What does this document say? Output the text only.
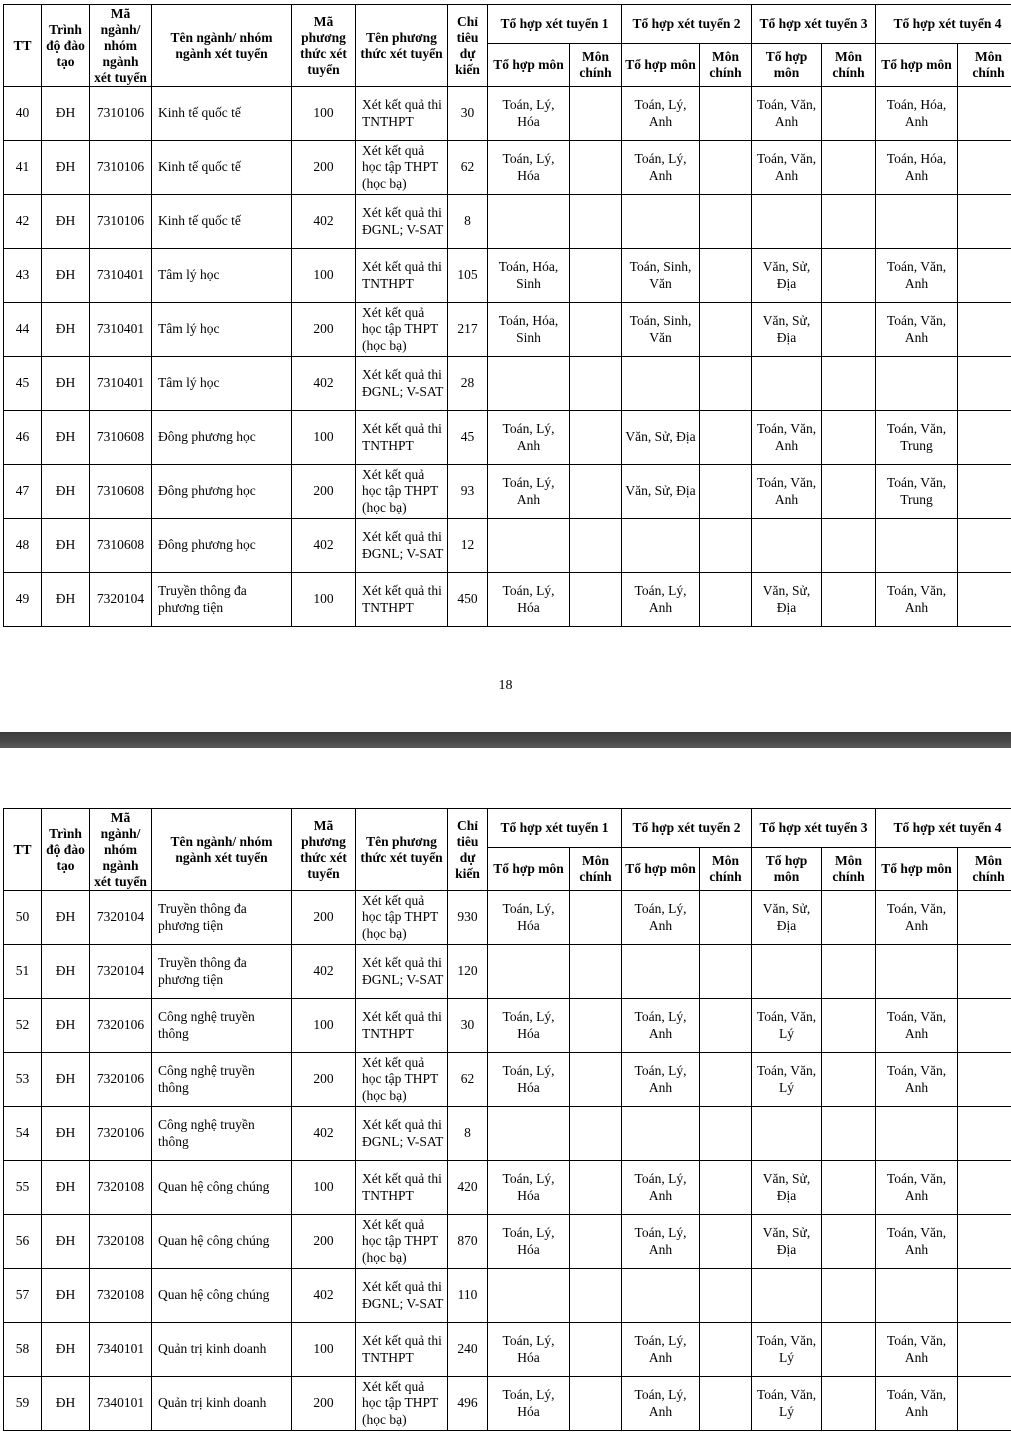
TT	Trình độ đào tạo	Mã ngành/ nhóm ngành xét tuyển	Tên ngành/ nhóm ngành xét tuyển	Mã phương thức xét tuyển	Tên phương thức xét tuyển	Chỉ tiêu dự kiến	Tổ hợp xét tuyển 1		Tổ hợp xét tuyển 2		Tổ hợp xét tuyển 3		Tổ hợp xét tuyển 4	
							Tổ hợp môn	Môn chính	Tổ hợp môn	Môn chính	Tổ hợp môn	Môn chính	Tổ hợp môn	Môn chính
40	ĐH	7310106	Kinh tế quốc tế	100	Xét kết quả thi TNTHPT	30	Toán, Lý, Hóa		Toán, Lý, Anh		Toán, Văn, Anh		Toán, Hóa, Anh	
41	ĐH	7310106	Kinh tế quốc tế	200	Xét kết quả học tập THPT (học bạ)	62	Toán, Lý, Hóa		Toán, Lý, Anh		Toán, Văn, Anh		Toán, Hóa, Anh	
42	ĐH	7310106	Kinh tế quốc tế	402	Xét kết quả thi ĐGNL; V-SAT	8								
43	ĐH	7310401	Tâm lý học	100	Xét kết quả thi TNTHPT	105	Toán, Hóa, Sinh		Toán, Sinh, Văn		Văn, Sử, Địa		Toán, Văn, Anh	
44	ĐH	7310401	Tâm lý học	200	Xét kết quả học tập THPT (học bạ)	217	Toán, Hóa, Sinh		Toán, Sinh, Văn		Văn, Sử, Địa		Toán, Văn, Anh	
45	ĐH	7310401	Tâm lý học	402	Xét kết quả thi ĐGNL; V-SAT	28								
46	ĐH	7310608	Đông phương học	100	Xét kết quả thi TNTHPT	45	Toán, Lý, Anh		Văn, Sử, Địa		Toán, Văn, Anh		Toán, Văn, Trung	
47	ĐH	7310608	Đông phương học	200	Xét kết quả học tập THPT (học bạ)	93	Toán, Lý, Anh		Văn, Sử, Địa		Toán, Văn, Anh		Toán, Văn, Trung	
48	ĐH	7310608	Đông phương học	402	Xét kết quả thi ĐGNL; V-SAT	12								
49	ĐH	7320104	Truyền thông đa phương tiện	100	Xét kết quả thi TNTHPT	450	Toán, Lý, Hóa		Toán, Lý, Anh		Văn, Sử, Địa		Toán, Văn, Anh	
18
TT	Trình độ đào tạo	Mã ngành/ nhóm ngành xét tuyển	Tên ngành/ nhóm ngành xét tuyển	Mã phương thức xét tuyển	Tên phương thức xét tuyển	Chỉ tiêu dự kiến	Tổ hợp xét tuyển 1		Tổ hợp xét tuyển 2		Tổ hợp xét tuyển 3		Tổ hợp xét tuyển 4	
							Tổ hợp môn	Môn chính	Tổ hợp môn	Môn chính	Tổ hợp môn	Môn chính	Tổ hợp môn	Môn chính
50	ĐH	7320104	Truyền thông đa phương tiện	200	Xét kết quả học tập THPT (học bạ)	930	Toán, Lý, Hóa		Toán, Lý, Anh		Văn, Sử, Địa		Toán, Văn, Anh	
51	ĐH	7320104	Truyền thông đa phương tiện	402	Xét kết quả thi ĐGNL; V-SAT	120								
52	ĐH	7320106	Công nghệ truyền thông	100	Xét kết quả thi TNTHPT	30	Toán, Lý, Hóa		Toán, Lý, Anh		Toán, Văn, Lý		Toán, Văn, Anh	
53	ĐH	7320106	Công nghệ truyền thông	200	Xét kết quả học tập THPT (học bạ)	62	Toán, Lý, Hóa		Toán, Lý, Anh		Toán, Văn, Lý		Toán, Văn, Anh	
54	ĐH	7320106	Công nghệ truyền thông	402	Xét kết quả thi ĐGNL; V-SAT	8								
55	ĐH	7320108	Quan hệ công chúng	100	Xét kết quả thi TNTHPT	420	Toán, Lý, Hóa		Toán, Lý, Anh		Văn, Sử, Địa		Toán, Văn, Anh	
56	ĐH	7320108	Quan hệ công chúng	200	Xét kết quả học tập THPT (học bạ)	870	Toán, Lý, Hóa		Toán, Lý, Anh		Văn, Sử, Địa		Toán, Văn, Anh	
57	ĐH	7320108	Quan hệ công chúng	402	Xét kết quả thi ĐGNL; V-SAT	110								
58	ĐH	7340101	Quản trị kinh doanh	100	Xét kết quả thi TNTHPT	240	Toán, Lý, Hóa		Toán, Lý, Anh		Toán, Văn, Lý		Toán, Văn, Anh	
59	ĐH	7340101	Quản trị kinh doanh	200	Xét kết quả học tập THPT (học bạ)	496	Toán, Lý, Hóa		Toán, Lý, Anh		Toán, Văn, Lý		Toán, Văn, Anh	
